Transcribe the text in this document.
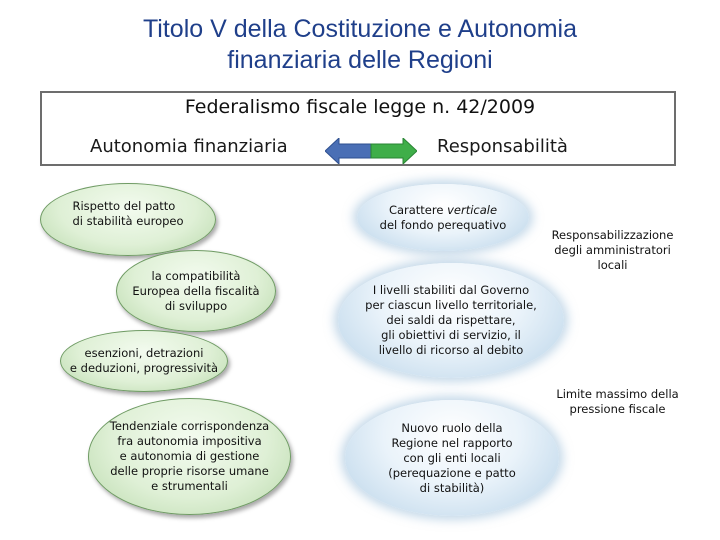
Titolo V della Costituzione e Autonomia
finanziaria delle Regioni
Federalismo fiscale legge n. 42/2009
Autonomia finanziaria	Responsabilità
Rispetto del patto
di stabilità europeo
la compatibilità
Europea della fiscalità
di sviluppo
esenzioni, detrazioni
e deduzioni, progressività
Tendenziale corrispondenza
fra autonomia impositiva
e autonomia di gestione
delle proprie risorse umane
e strumentali
Carattere verticale
del fondo perequativo
Responsabilizzazione
degli amministratori
locali
I livelli stabiliti dal Governo
per ciascun livello territoriale,
dei saldi da rispettare,
gli obiettivi di servizio, il
livello di ricorso al debito
Limite massimo della
pressione fiscale
Nuovo ruolo della
Regione nel rapporto
con gli enti locali
(perequazione e patto
di stabilità)
